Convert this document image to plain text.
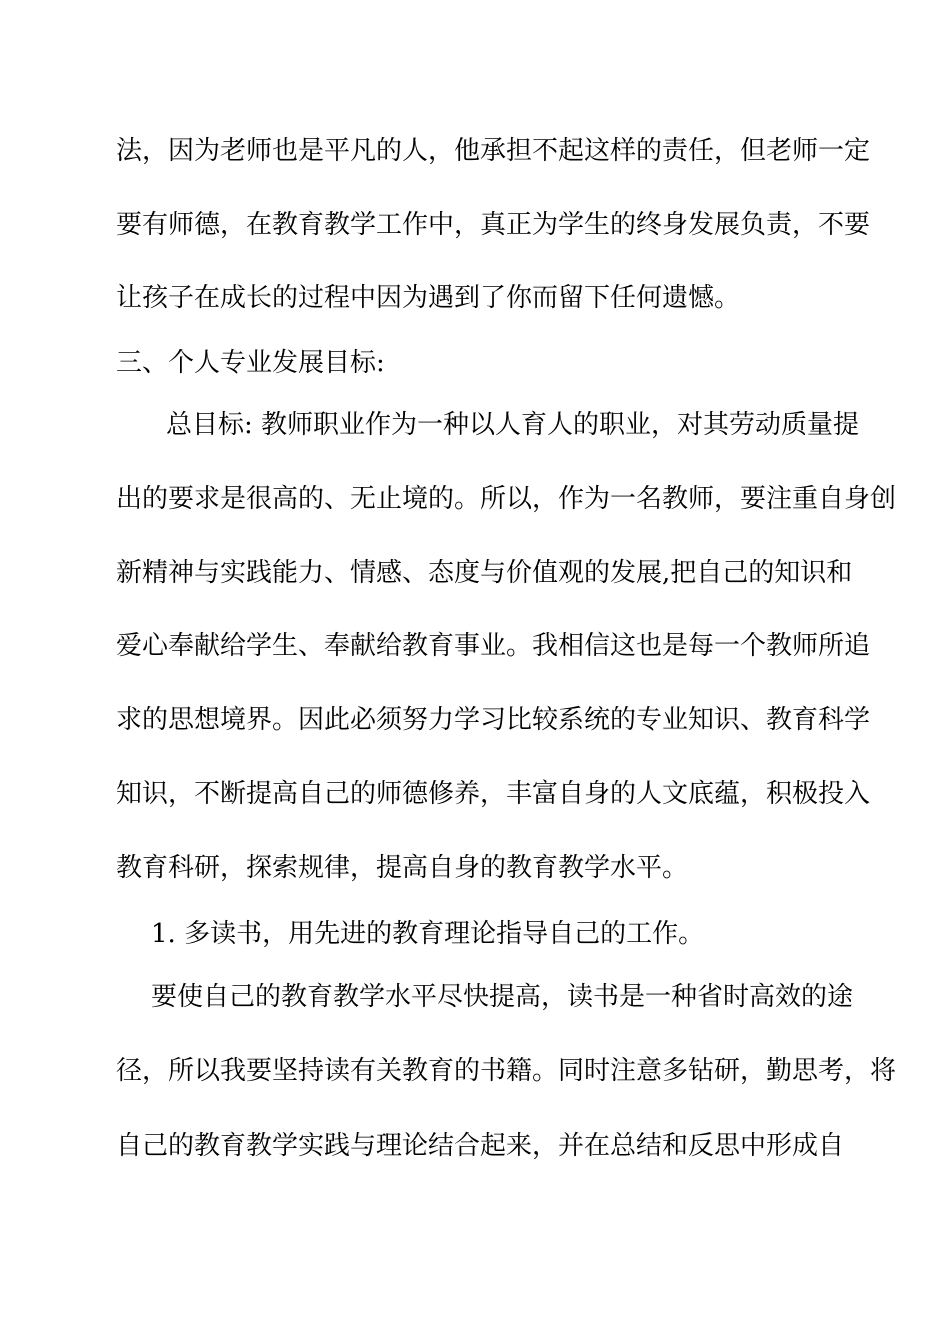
法，因为老师也是平凡的人，他承担不起这样的责任，但老师一定
要有师德，在教育教学工作中，真正为学生的终身发展负责，不要
让孩子在成长的过程中因为遇到了你而留下任何遗憾。
三、个人专业发展目标:
总目标: 教师职业作为一种以人育人的职业，对其劳动质量提
出的要求是很高的、无止境的。所以，作为一名教师，要注重自身创
新精神与实践能力、情感、态度与价值观的发展,把自己的知识和
爱心奉献给学生、奉献给教育事业。我相信这也是每一个教师所追
求的思想境界。因此必须努力学习比较系统的专业知识、教育科学
知识，不断提高自己的师德修养，丰富自身的人文底蕴，积极投入
教育科研，探索规律，提高自身的教育教学水平。
1. 多读书，用先进的教育理论指导自己的工作。
要使自己的教育教学水平尽快提高，读书是一种省时高效的途
径，所以我要坚持读有关教育的书籍。同时注意多钻研，勤思考，将
自己的教育教学实践与理论结合起来，并在总结和反思中形成自
